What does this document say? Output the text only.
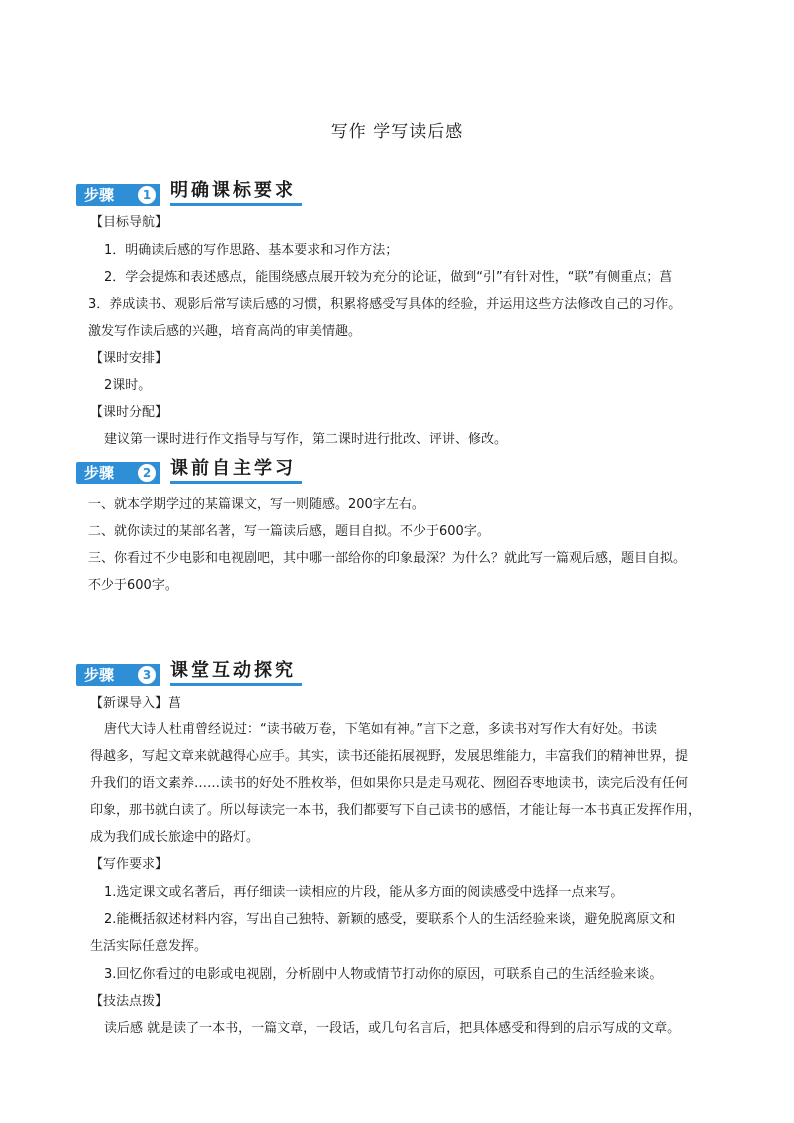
写作 学写读后感
步骤	1 明确课标要求
【目标导航】
1．明确读后感的写作思路、基本要求和习作方法；
2．学会提炼和表述感点，能围绕感点展开较为充分的论证，做到“引”有针对性，“联”有侧重点；菖
3．养成读书、观影后常写读后感的习惯，积累将感受写具体的经验，并运用这些方法修改自己的习作。
激发写作读后感的兴趣，培育高尚的审美情趣。
【课时安排】
2课时。
【课时分配】
建议第一课时进行作文指导与写作，第二课时进行批改、评讲、修改。
步骤	2 课前自主学习
一、就本学期学过的某篇课文，写一则随感。200字左右。
二、就你读过的某部名著，写一篇读后感，题目自拟。不少于600字。
三、你看过不少电影和电视剧吧，其中哪一部给你的印象最深？为什么？就此写一篇观后感，题目自拟。
不少于600字。
步骤	3 课堂互动探究
【新课导入】菖
唐代大诗人杜甫曾经说过：“读书破万卷，下笔如有神。”言下之意，多读书对写作大有好处。书读
得越多，写起文章来就越得心应手。其实，读书还能拓展视野，发展思维能力，丰富我们的精神世界，提
升我们的语文素养……读书的好处不胜枚举，但如果你只是走马观花、囫囵吞枣地读书，读完后没有任何
印象，那书就白读了。所以每读完一本书，我们都要写下自己读书的感悟，才能让每一本书真正发挥作用，
成为我们成长旅途中的路灯。
【写作要求】
1.选定课文或名著后，再仔细读一读相应的片段，能从多方面的阅读感受中选择一点来写。
2.能概括叙述材料内容，写出自己独特、新颖的感受，要联系个人的生活经验来谈，避免脱离原文和
生活实际任意发挥。
3.回忆你看过的电影或电视剧，分析剧中人物或情节打动你的原因，可联系自己的生活经验来谈。
【技法点拨】
读后感 就是读了一本书，一篇文章，一段话，或几句名言后，把具体感受和得到的启示写成的文章。
